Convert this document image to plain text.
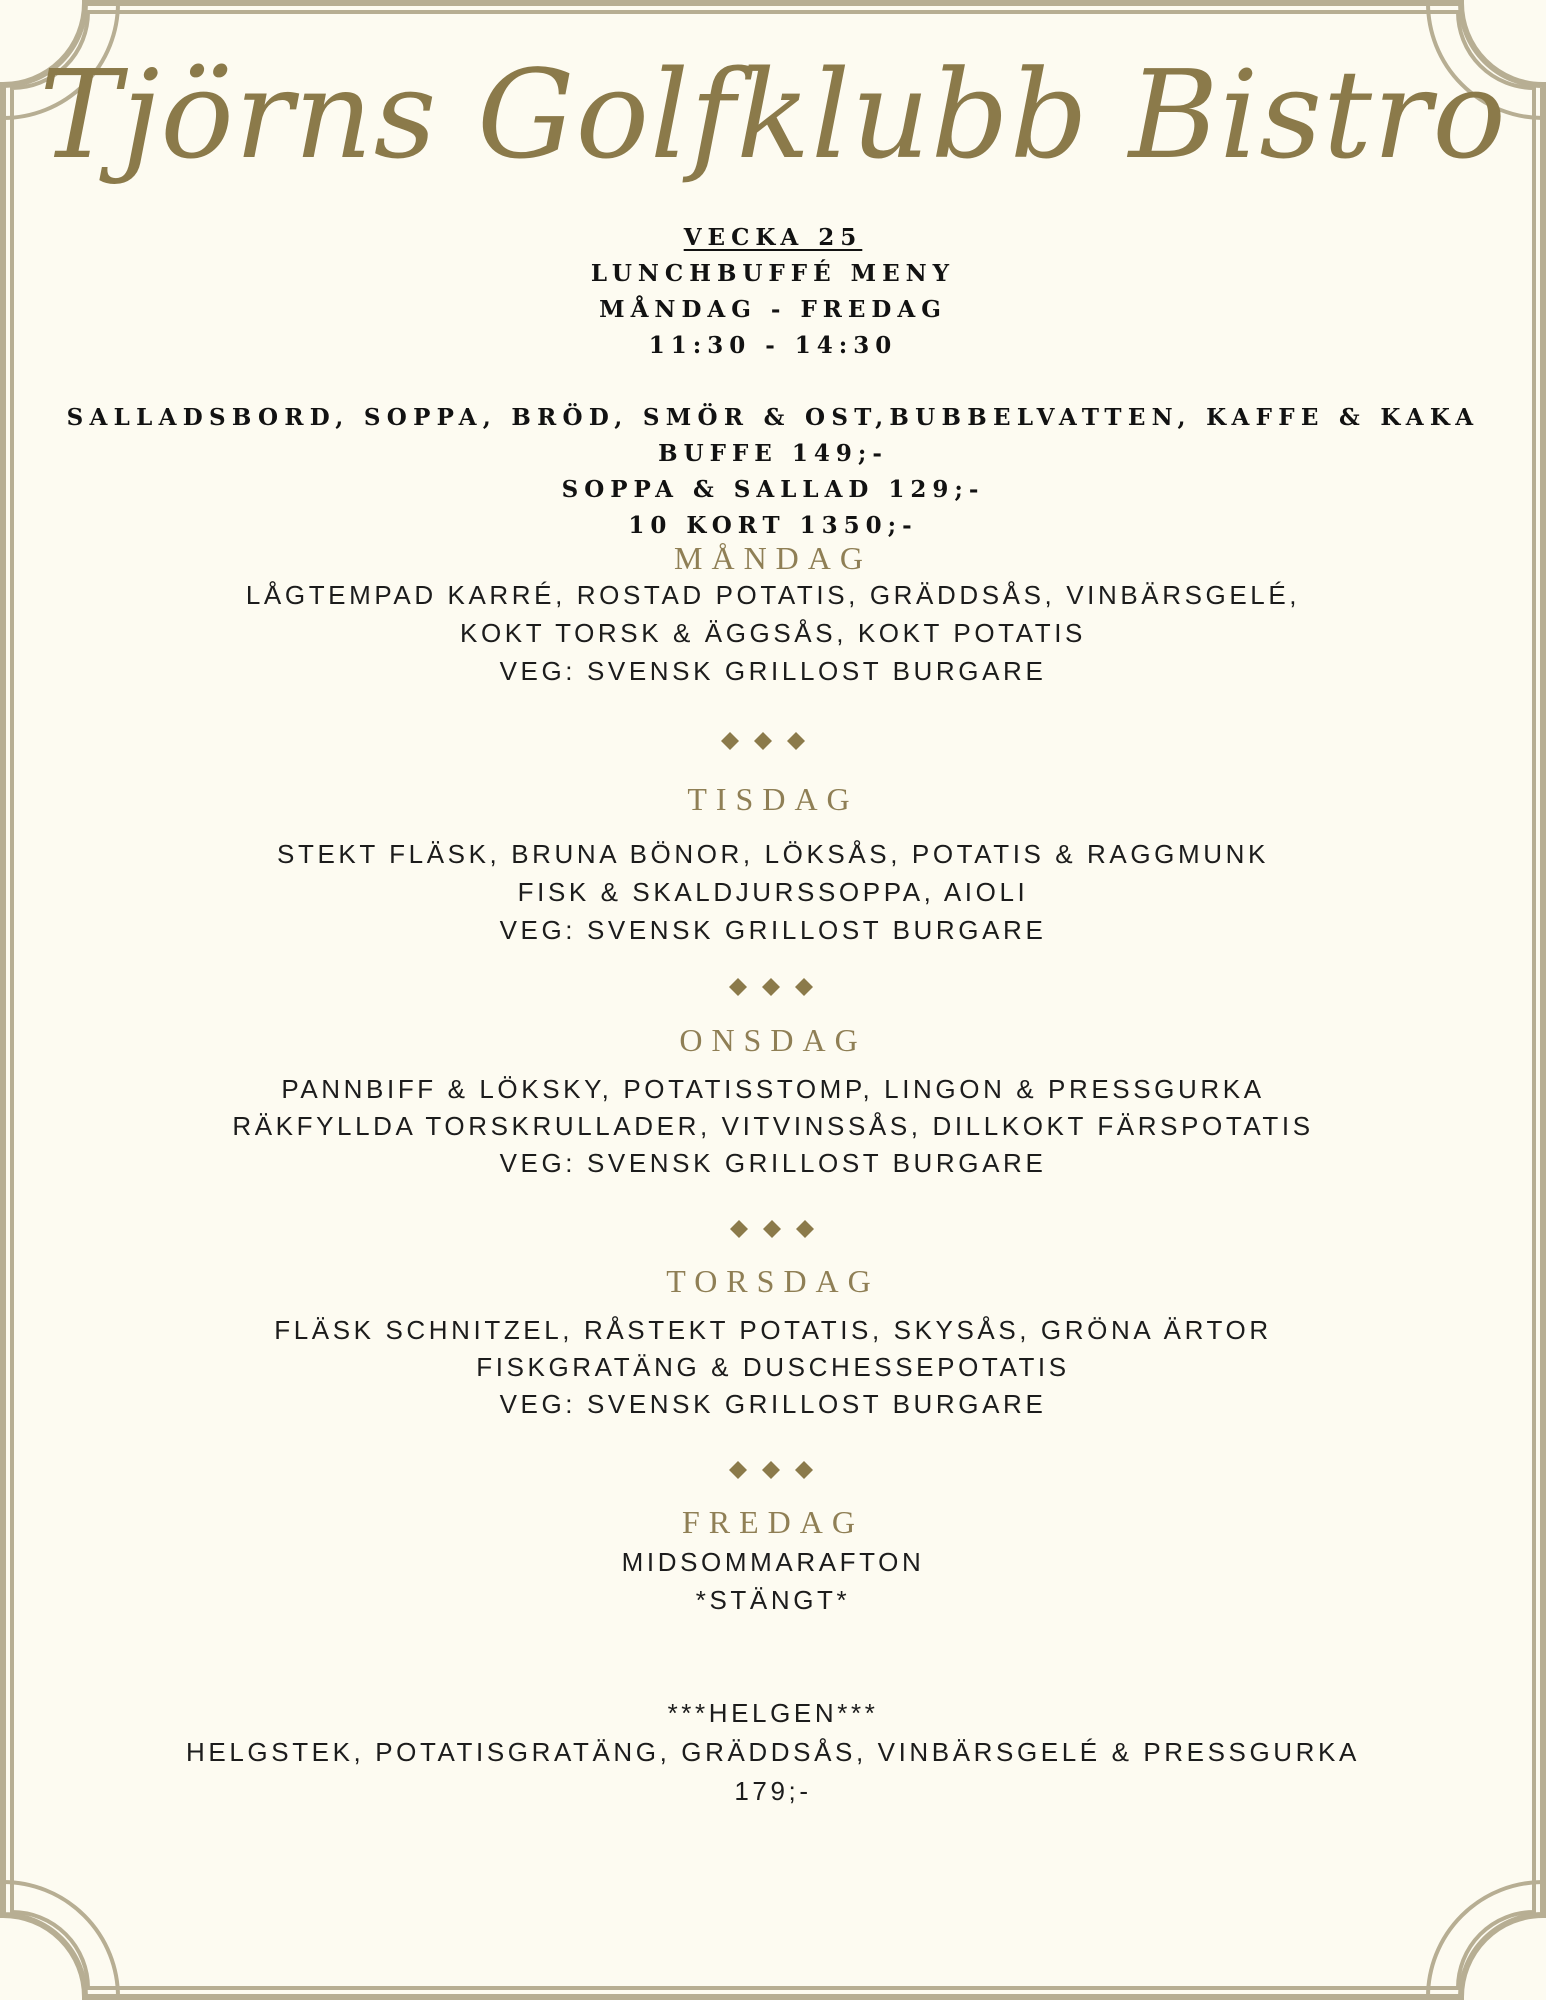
Tjörns Golfklubb Bistro
VECKA 25
LUNCHBUFFÉ MENY
MÅNDAG - FREDAG
11:30 - 14:30
SALLADSBORD, SOPPA, BRÖD, SMÖR & OST,BUBBELVATTEN, KAFFE & KAKA
BUFFE 149;-
SOPPA & SALLAD 129;-
10 KORT 1350;-
MÅNDAG
LÅGTEMPAD KARRÉ, ROSTAD POTATIS, GRÄDDSÅS, VINBÄRSGELÉ,
KOKT TORSK & ÄGGSÅS, KOKT POTATIS
VEG: SVENSK GRILLOST BURGARE
TISDAG
STEKT FLÄSK, BRUNA BÖNOR, LÖKSÅS, POTATIS & RAGGMUNK
FISK & SKALDJURSSOPPA, AIOLI
VEG: SVENSK GRILLOST BURGARE
ONSDAG
PANNBIFF & LÖKSKY, POTATISSTOMP, LINGON & PRESSGURKA
RÄKFYLLDA TORSKRULLADER, VITVINSSÅS, DILLKOKT FÄRSPOTATIS
VEG: SVENSK GRILLOST BURGARE
TORSDAG
FLÄSK SCHNITZEL, RÅSTEKT POTATIS, SKYSÅS, GRÖNA ÄRTOR
FISKGRATÄNG & DUSCHESSEPOTATIS
VEG: SVENSK GRILLOST BURGARE
FREDAG
MIDSOMMARAFTON
*STÄNGT*
***HELGEN***
HELGSTEK, POTATISGRATÄNG, GRÄDDSÅS, VINBÄRSGELÉ & PRESSGURKA
179;-
